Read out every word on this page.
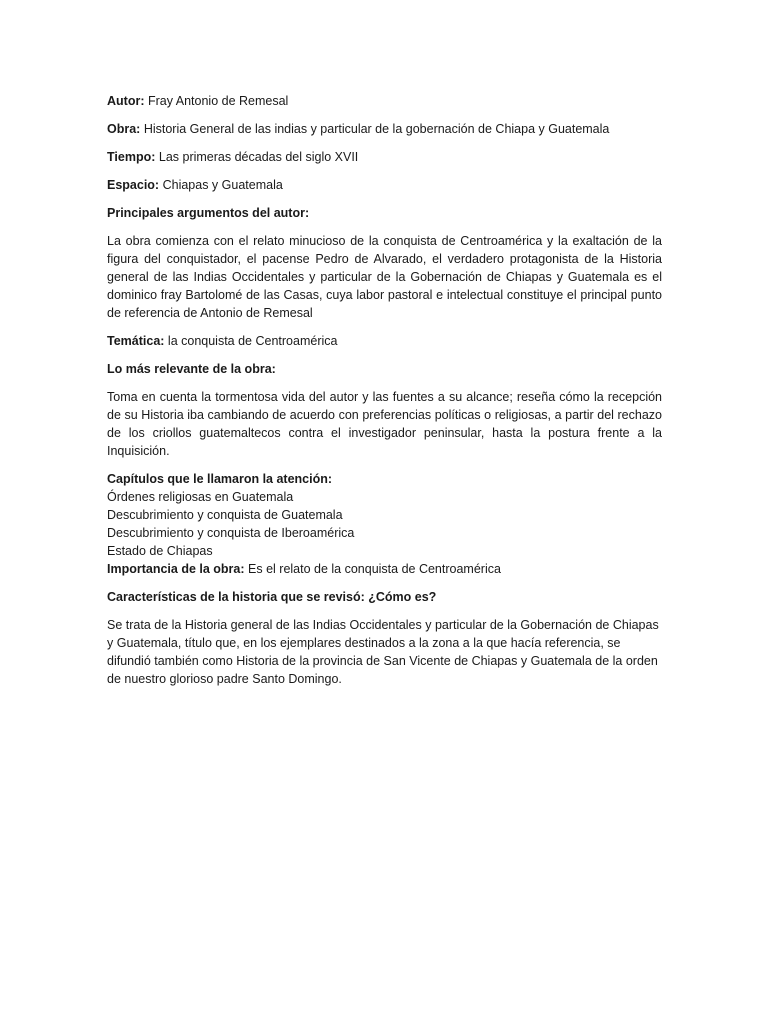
Autor: Fray Antonio de Remesal

Obra: Historia General de las indias y particular de la gobernación de Chiapa y Guatemala

Tiempo: Las primeras décadas del siglo XVII

Espacio: Chiapas y Guatemala

Principales argumentos del autor:

La obra comienza con el relato minucioso de la conquista de Centroamérica y la exaltación de la figura del conquistador, el pacense Pedro de Alvarado, el verdadero protagonista de la Historia general de las Indias Occidentales y particular de la Gobernación de Chiapas y Guatemala es el dominico fray Bartolomé de las Casas, cuya labor pastoral e intelectual constituye el principal punto de referencia de Antonio de Remesal

Temática: la conquista de Centroamérica

Lo más relevante de la obra:

Toma en cuenta la tormentosa vida del autor y las fuentes a su alcance; reseña cómo la recepción de su Historia iba cambiando de acuerdo con preferencias políticas o religiosas, a partir del rechazo de los criollos guatemaltecos contra el investigador peninsular, hasta la postura frente a la Inquisición.

Capítulos que le llamaron la atención:

Órdenes religiosas en Guatemala

Descubrimiento y conquista de Guatemala

Descubrimiento y conquista de Iberoamérica

Estado de Chiapas

Importancia de la obra: Es el relato de la conquista de Centroamérica

Características de la historia que se revisó: ¿Cómo es?

Se trata de la Historia general de las Indias Occidentales y particular de la Gobernación de Chiapas y Guatemala, título que, en los ejemplares destinados a la zona a la que hacía referencia, se difundió también como Historia de la provincia de San Vicente de Chiapas y Guatemala de la orden de nuestro glorioso padre Santo Domingo.
